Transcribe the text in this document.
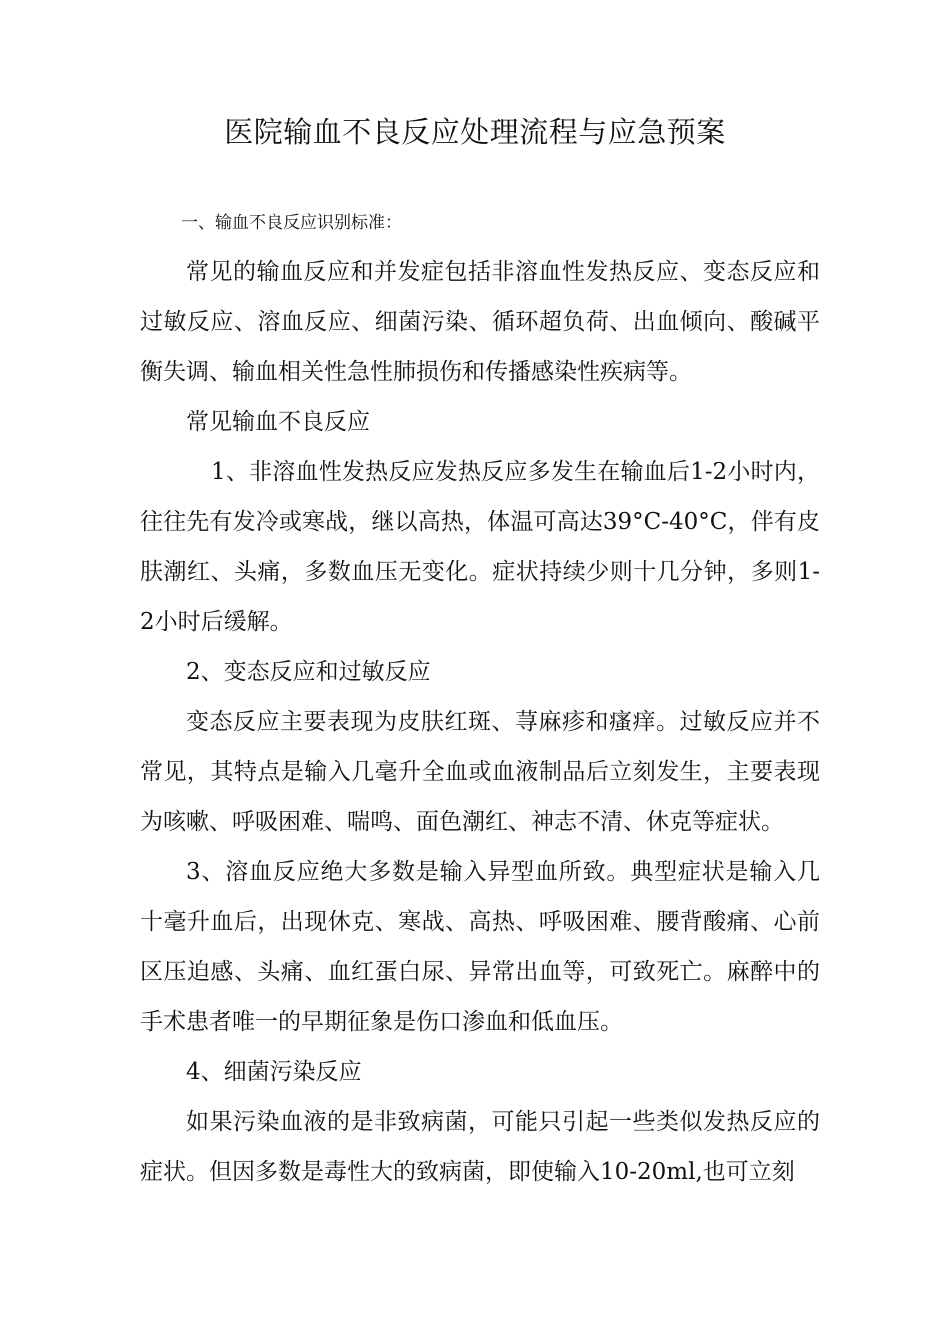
医院输血不良反应处理流程与应急预案

一、输血不良反应识别标准：

常见的输血反应和并发症包括非溶血性发热反应、变态反应和过敏反应、溶血反应、细菌污染、循环超负荷、出血倾向、酸碱平衡失调、输血相关性急性肺损伤和传播感染性疾病等。

常见输血不良反应

1、非溶血性发热反应发热反应多发生在输血后1-2小时内，往往先有发冷或寒战，继以高热，体温可高达39°C-40°C，伴有皮肤潮红、头痛，多数血压无变化。症状持续少则十几分钟，多则1-2小时后缓解。

2、变态反应和过敏反应

变态反应主要表现为皮肤红斑、荨麻疹和瘙痒。过敏反应并不常见，其特点是输入几毫升全血或血液制品后立刻发生，主要表现为咳嗽、呼吸困难、喘鸣、面色潮红、神志不清、休克等症状。

3、溶血反应绝大多数是输入异型血所致。典型症状是输入几十毫升血后，出现休克、寒战、高热、呼吸困难、腰背酸痛、心前区压迫感、头痛、血红蛋白尿、异常出血等，可致死亡。麻醉中的手术患者唯一的早期征象是伤口渗血和低血压。

4、细菌污染反应

如果污染血液的是非致病菌，可能只引起一些类似发热反应的症状。但因多数是毒性大的致病菌，即使输入10-20ml,也可立刻
